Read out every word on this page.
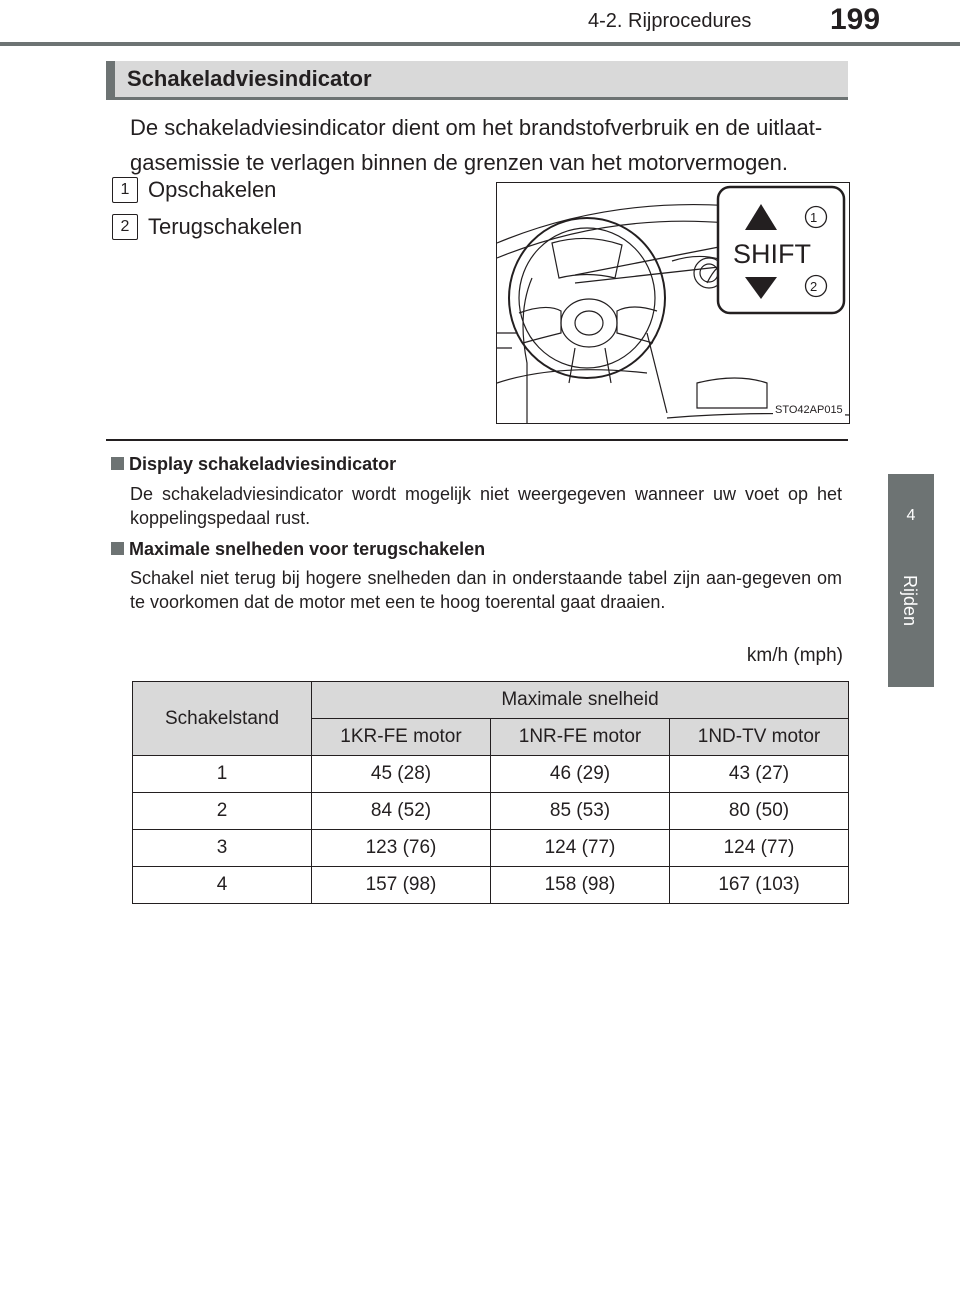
4-2. Rijprocedures	199
4
Rijden
Schakeladviesindicator
De schakeladviesindicator dient om het brandstofverbruik en de uitlaat-
gasemissie te verlagen binnen de grenzen van het motorvermogen.
1 Opschakelen
2 Terugschakelen
SHIFT
1
2
STO42AP015
Display schakeladviesindicator
De schakeladviesindicator wordt mogelijk niet weergegeven wanneer uw voet op het koppelingspedaal rust.
Maximale snelheden voor terugschakelen
Schakel niet terug bij hogere snelheden dan in onderstaande tabel zijn aan-gegeven om te voorkomen dat de motor met een te hoog toerental gaat draaien.
km/h (mph)
Schakelstand	Maximale snelheid		
	1KR-FE motor	1NR-FE motor	1ND-TV motor
1	45 (28)	46 (29)	43 (27)
2	84 (52)	85 (53)	80 (50)
3	123 (76)	124 (77)	124 (77)
4	157 (98)	158 (98)	167 (103)
